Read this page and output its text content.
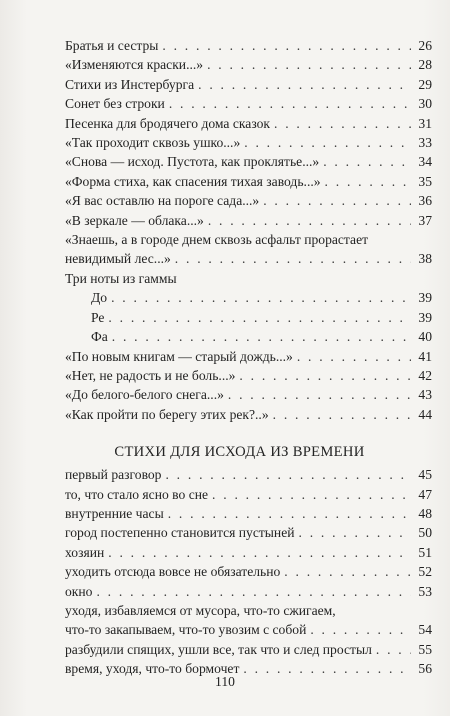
Братья и сестры . . .	26
«Изменяются краски...» . . .	28
Стихи из Инстербурга . . .	29
Сонет без строки . . .	30
Песенка для бродячего дома сказок . . .	31
«Так проходит сквозь ушко...» . . .	33
«Снова — исход. Пустота, как проклятье...» . . .	34
«Форма стиха, как спасения тихая заводь...» . . .	35
«Я вас оставлю на пороге сада...» . . .	36
«В зеркале — облака...» . . .	37
«Знаешь, а в городе днем сквозь асфальт прорастает
невидимый лес...» . . .	38
Три ноты из гаммы
До . . .	39
Ре . . .	39
Фа . . .	40
«По новым книгам — старый дождь...» . . .	41
«Нет, не радость и не боль...» . . .	42
«До белого-белого снега...» . . .	43
«Как пройти по берегу этих рек?..» . . .	44
СТИХИ ДЛЯ ИСХОДА ИЗ ВРЕМЕНИ
первый разговор . . .	45
то, что стало ясно во сне . . .	47
внутренние часы . . .	48
город постепенно становится пустыней . . .	50
хозяин . . .	51
уходить отсюда вовсе не обязательно . . .	52
окно . . .	53
уходя, избавляемся от мусора, что-то сжигаем,
что-то закапываем, что-то увозим с собой . . .	54
разбудили спящих, ушли все, так что и след простыл . . .	55
время, уходя, что-то бормочет . . .	56
110
